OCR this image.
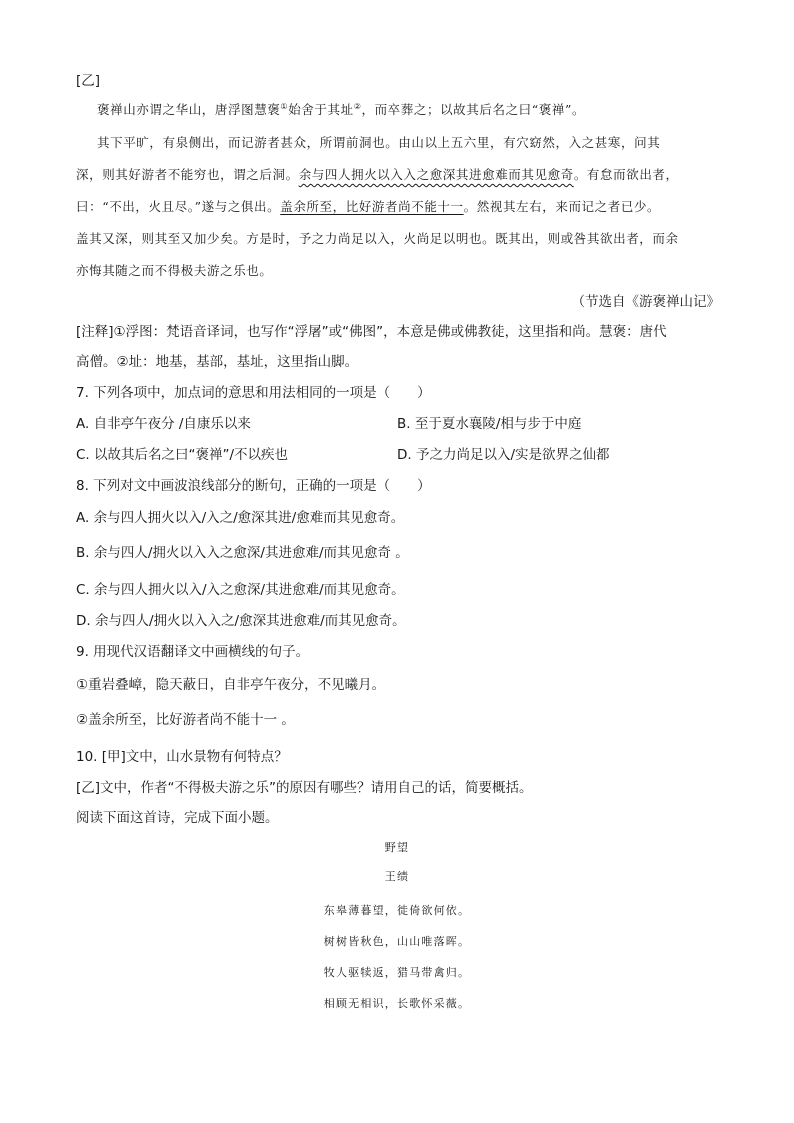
[乙]
褒禅山亦谓之华山，唐浮图慧褒①始舍于其址②，而卒葬之；以故其后名之曰“褒禅”。
其下平旷，有泉侧出，而记游者甚众，所谓前洞也。由山以上五六里，有穴窈然，入之甚寒，问其
深，则其好游者不能穷也，谓之后洞。余与四人拥火以入入之愈深其进愈难而其见愈奇。有怠而欲出者，
曰：“不出，火且尽。”遂与之俱出。盖余所至，比好游者尚不能十一。然视其左右，来而记之者已少。
盖其又深，则其至又加少矣。方是时，予之力尚足以入，火尚足以明也。既其出，则或咎其欲出者，而余
亦悔其随之而不得极夫游之乐也。
（节选自《游褒禅山记》
[注释]①浮图：梵语音译词，也写作“浮屠”或“佛图”，本意是佛或佛教徒，这里指和尚。慧褒：唐代
高僧。②址：地基，基部，基址，这里指山脚。
7. 下列各项中，加点词的意思和用法相同的一项是（　　）
A. 自非亭午夜分 /自康乐以来	B. 至于夏水襄陵/相与步于中庭
C. 以故其后名之曰“褒禅”/不以疾也	D. 予之力尚足以入/实是欲界之仙都
8. 下列对文中画波浪线部分的断句，正确的一项是（　　）
A. 余与四人拥火以入/入之/愈深其进/愈难而其见愈奇。
B. 余与四人/拥火以入入之愈深/其进愈难/而其见愈奇 。
C. 余与四人拥火以入/入之愈深/其进愈难/而其见愈奇。
D. 余与四人/拥火以入入之/愈深其进愈难/而其见愈奇。
9. 用现代汉语翻译文中画横线的句子。
①重岩叠嶂，隐天蔽日，自非亭午夜分，不见曦月。
②盖余所至，比好游者尚不能十一 。
10. [甲]文中，山水景物有何特点？
[乙]文中，作者“不得极夫游之乐”的原因有哪些？请用自己的话，简要概括。
阅读下面这首诗，完成下面小题。
野望
王绩
东皋薄暮望，徙倚欲何依。
树树皆秋色，山山唯落晖。
牧人驱犊返，猎马带禽归。
相顾无相识，长歌怀采薇。
